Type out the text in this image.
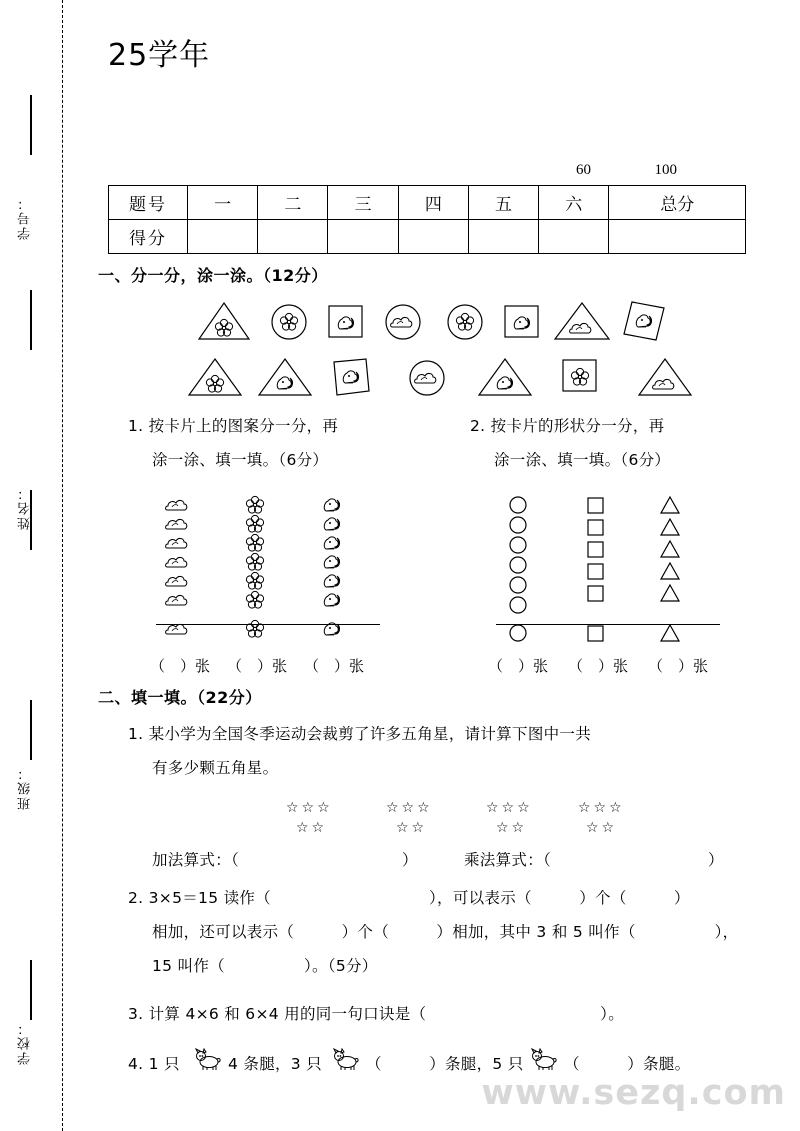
学号：
姓名：
班级：
学校：
25学年
60	100
题号	一	二	三	四	五	六	总分
得分							
一、分一分，涂一涂。（12分）
1. 按卡片上的图案分一分，再
涂一涂、填一填。（6分）
2. 按卡片的形状分一分，再
涂一涂、填一填。（6分）
（　）张 （　）张 （　）张	（　）张 （　）张 （　）张
二、填一填。（22分）
1. 某小学为全国冬季运动会裁剪了许多五角星，请计算下图中一共
有多少颗五角星。
☆☆☆
☆☆
☆☆☆
☆☆
☆☆☆
☆☆
☆☆☆
☆☆
加法算式：（	）	乘法算式：（	）
2. 3×5＝15 读作（　　　　　　　　　　），可以表示（　　　）个（　　　）
相加，还可以表示（　　　）个（　　　）相加，其中 3 和 5 叫作（　　　　　），
15 叫作（　　　　　）。（5分）
3. 计算 4×6 和 6×4 用的同一句口诀是（　　　　　　　　　　　）。
4. 1 只	4 条腿，3 只	（　　　）条腿，5 只	（　　　）条腿。
www.sezq.com
